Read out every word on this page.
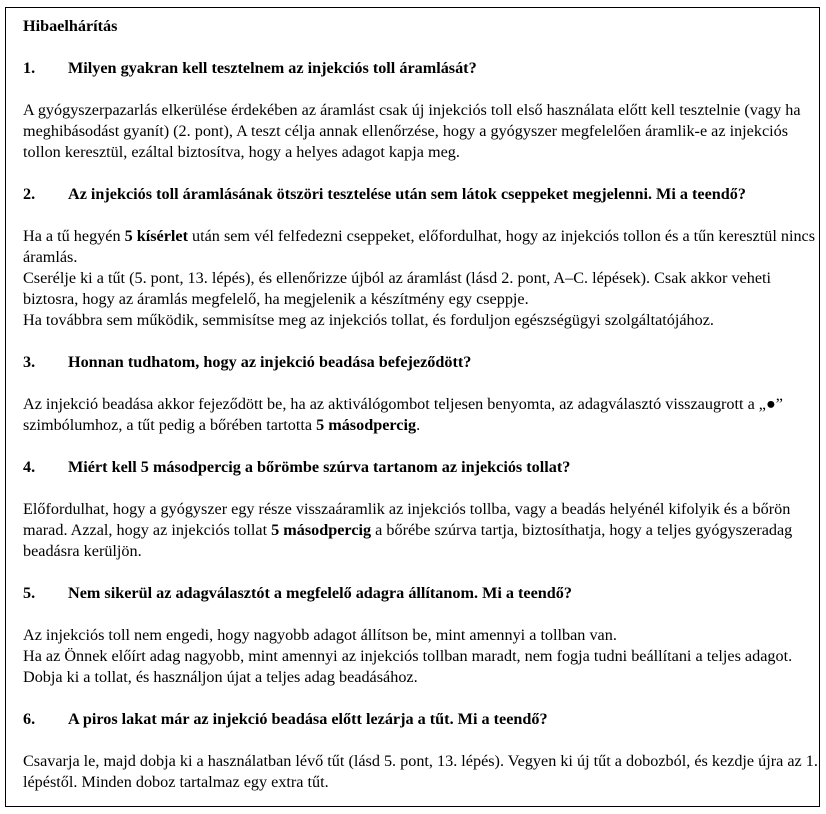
Hibaelhárítás

1.	Milyen gyakran kell tesztelnem az injekciós toll áramlását?

A gyógyszerpazarlás elkerülése érdekében az áramlást csak új injekciós toll első használata előtt kell tesztelnie (vagy ha meghibásodást gyanít) (2. pont), A teszt célja annak ellenőrzése, hogy a gyógyszer megfelelően áramlik-e az injekciós tollon keresztül, ezáltal biztosítva, hogy a helyes adagot kapja meg.

2.	Az injekciós toll áramlásának ötszöri tesztelése után sem látok cseppeket megjelenni. Mi a teendő?

Ha a tű hegyén 5 kísérlet után sem vél felfedezni cseppeket, előfordulhat, hogy az injekciós tollon és a tűn keresztül nincs áramlás.

Cserélje ki a tűt (5. pont, 13. lépés), és ellenőrizze újból az áramlást (lásd 2. pont, A–C. lépések). Csak akkor veheti biztosra, hogy az áramlás megfelelő, ha megjelenik a készítmény egy cseppje.

Ha továbbra sem működik, semmisítse meg az injekciós tollat, és forduljon egészségügyi szolgáltatójához.

3.	Honnan tudhatom, hogy az injekció beadása befejeződött?

Az injekció beadása akkor fejeződött be, ha az aktiválógombot teljesen benyomta, az adagválasztó visszaugrott a „●” szimbólumhoz, a tűt pedig a bőrében tartotta 5 másodpercig.

4.	Miért kell 5 másodpercig a bőrömbe szúrva tartanom az injekciós tollat?

Előfordulhat, hogy a gyógyszer egy része visszaáramlik az injekciós tollba, vagy a beadás helyénél kifolyik és a bőrön marad. Azzal, hogy az injekciós tollat 5 másodpercig a bőrébe szúrva tartja, biztosíthatja, hogy a teljes gyógyszeradag beadásra kerüljön.

5.	Nem sikerül az adagválasztót a megfelelő adagra állítanom. Mi a teendő?

Az injekciós toll nem engedi, hogy nagyobb adagot állítson be, mint amennyi a tollban van.

Ha az Önnek előírt adag nagyobb, mint amennyi az injekciós tollban maradt, nem fogja tudni beállítani a teljes adagot. Dobja ki a tollat, és használjon újat a teljes adag beadásához.

6.	A piros lakat már az injekció beadása előtt lezárja a tűt. Mi a teendő?

Csavarja le, majd dobja ki a használatban lévő tűt (lásd 5. pont, 13. lépés). Vegyen ki új tűt a dobozból, és kezdje újra az 1. lépéstől. Minden doboz tartalmaz egy extra tűt.
